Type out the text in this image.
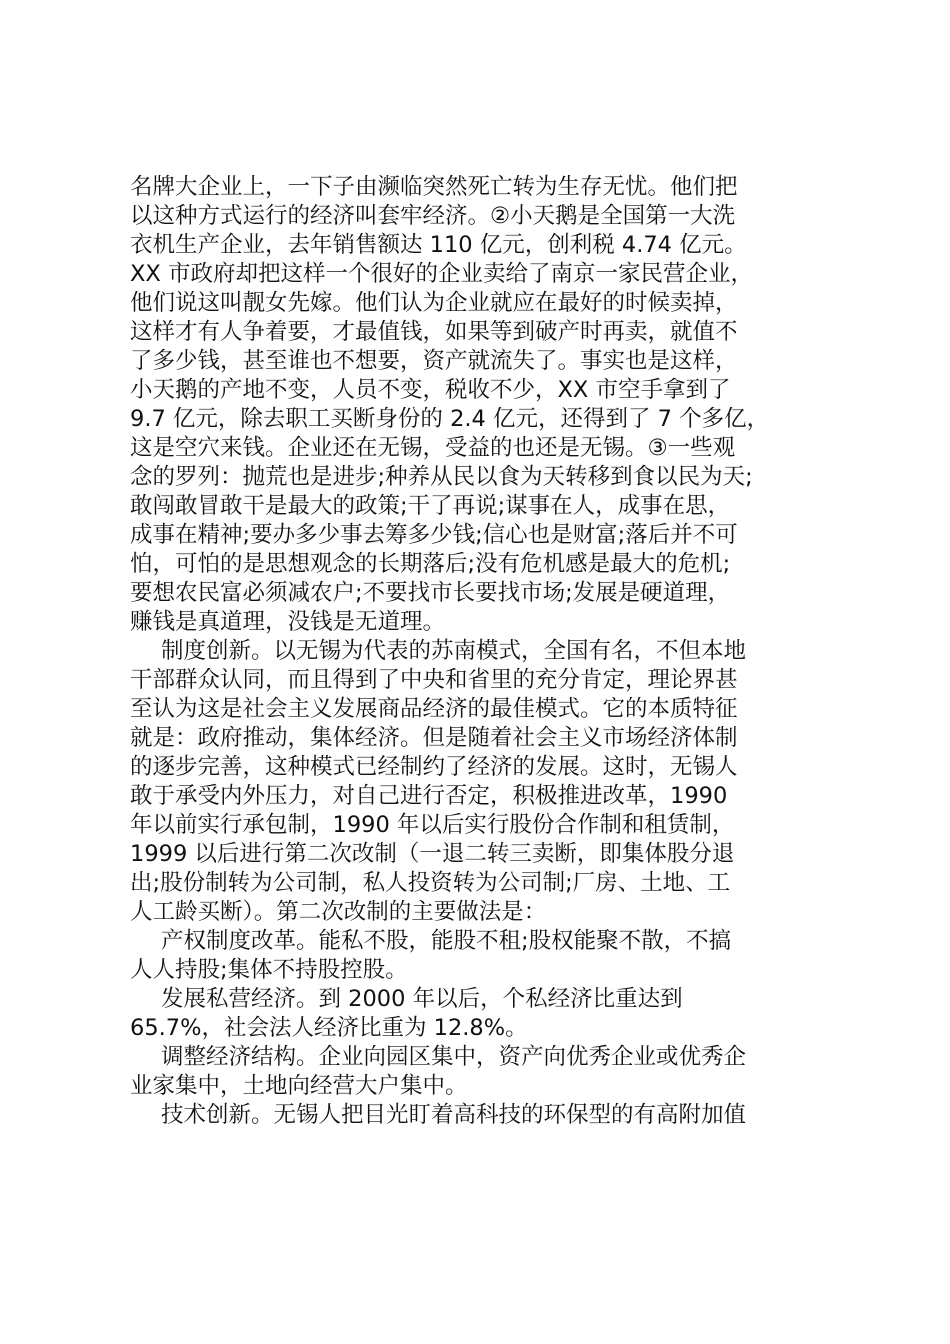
名牌大企业上，一下子由濒临突然死亡转为生存无忧。他们把
以这种方式运行的经济叫套牢经济。②小天鹅是全国第一大洗
衣机生产企业，去年销售额达 110 亿元，创利税 4.74 亿元。
XX 市政府却把这样一个很好的企业卖给了南京一家民营企业，
他们说这叫靓女先嫁。他们认为企业就应在最好的时候卖掉，
这样才有人争着要，才最值钱，如果等到破产时再卖，就值不
了多少钱，甚至谁也不想要，资产就流失了。事实也是这样，
小天鹅的产地不变，人员不变，税收不少，XX 市空手拿到了
9.7 亿元，除去职工买断身份的 2.4 亿元，还得到了 7 个多亿，
这是空穴来钱。企业还在无锡，受益的也还是无锡。③一些观
念的罗列：抛荒也是进步;种养从民以食为天转移到食以民为天;
敢闯敢冒敢干是最大的政策;干了再说;谋事在人，成事在思，
成事在精神;要办多少事去筹多少钱;信心也是财富;落后并不可
怕，可怕的是思想观念的长期落后;没有危机感是最大的危机;
要想农民富必须减农户;不要找市长要找市场;发展是硬道理，
赚钱是真道理，没钱是无道理。
制度创新。以无锡为代表的苏南模式，全国有名，不但本地
干部群众认同，而且得到了中央和省里的充分肯定，理论界甚
至认为这是社会主义发展商品经济的最佳模式。它的本质特征
就是：政府推动，集体经济。但是随着社会主义市场经济体制
的逐步完善，这种模式已经制约了经济的发展。这时，无锡人
敢于承受内外压力，对自己进行否定，积极推进改革，1990
年以前实行承包制，1990 年以后实行股份合作制和租赁制，
1999 以后进行第二次改制（一退二转三卖断，即集体股分退
出;股份制转为公司制，私人投资转为公司制;厂房、土地、工
人工龄买断）。第二次改制的主要做法是：
产权制度改革。能私不股，能股不租;股权能聚不散，不搞
人人持股;集体不持股控股。
发展私营经济。到 2000 年以后，个私经济比重达到
65.7%，社会法人经济比重为 12.8%。
调整经济结构。企业向园区集中，资产向优秀企业或优秀企
业家集中，土地向经营大户集中。
技术创新。无锡人把目光盯着高科技的环保型的有高附加值
